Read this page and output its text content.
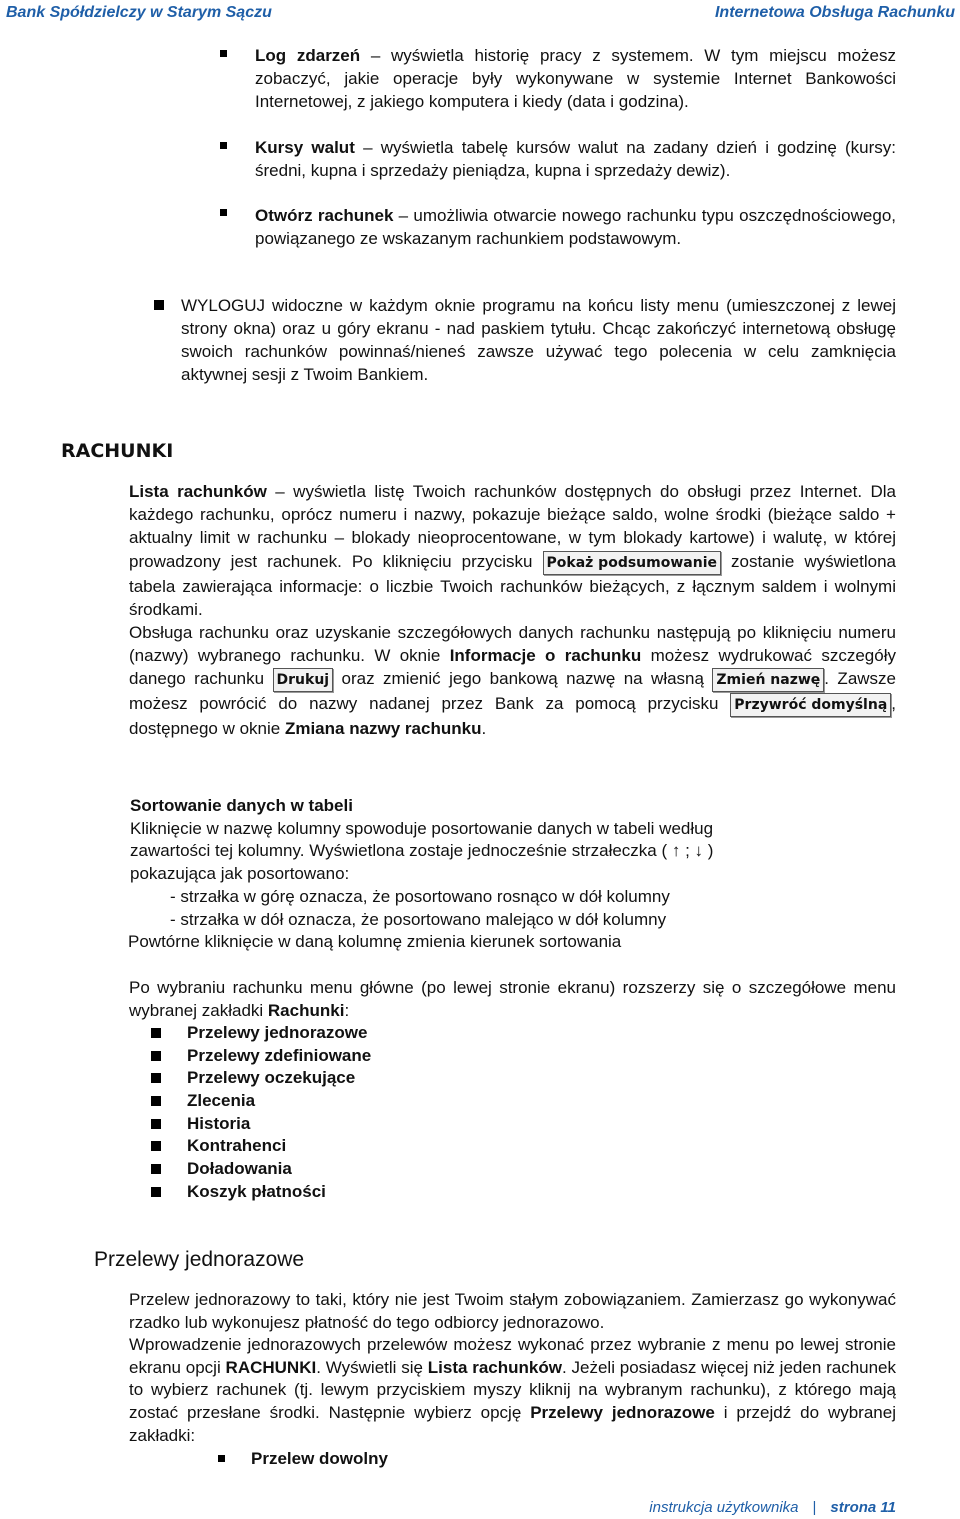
Bank Spółdzielczy w Starym Sączu	Internetowa Obsługa Rachunku
Log zdarzeń – wyświetla historię pracy z systemem. W tym miejscu możesz zobaczyć, jakie operacje były wykonywane w systemie Internet Bankowości Internetowej, z jakiego komputera i kiedy (data i godzina).
Kursy walut – wyświetla tabelę kursów walut na zadany dzień i godzinę (kursy: średni, kupna i sprzedaży pieniądza, kupna i sprzedaży dewiz).
Otwórz rachunek – umożliwia otwarcie nowego rachunku typu oszczędnościowego, powiązanego ze wskazanym rachunkiem podstawowym.
WYLOGUJ widoczne w każdym oknie programu na końcu listy menu (umieszczonej z lewej strony okna) oraz u góry ekranu - nad paskiem tytułu. Chcąc zakończyć internetową obsługę swoich rachunków powinnaś/nieneś zawsze używać tego polecenia w celu zamknięcia aktywnej sesji z Twoim Bankiem.
RACHUNKI
Lista rachunków – wyświetla listę Twoich rachunków dostępnych do obsługi przez Internet. Dla każdego rachunku, oprócz numeru i nazwy, pokazuje bieżące saldo, wolne środki (bieżące saldo + aktualny limit w rachunku – blokady nieoprocentowane, w tym blokady kartowe) i walutę, w której prowadzony jest rachunek. Po kliknięciu przycisku Pokaż podsumowanie zostanie wyświetlona tabela zawierająca informacje: o liczbie Twoich rachunków bieżących, z łącznym saldem i wolnymi środkami.
Obsługa rachunku oraz uzyskanie szczegółowych danych rachunku następują po kliknięciu numeru (nazwy) wybranego rachunku. W oknie Informacje o rachunku możesz wydrukować szczegóły danego rachunku Drukuj oraz zmienić jego bankową nazwę na własną Zmień nazwę . Zawsze możesz powrócić do nazwy nadanej przez Bank za pomocą przycisku Przywróć domyślną , dostępnego w oknie Zmiana nazwy rachunku.
Sortowanie danych w tabeli
Kliknięcie w nazwę kolumny spowoduje posortowanie danych w tabeli według
zawartości tej kolumny. Wyświetlona zostaje jednocześnie strzałeczka ( ↑ ; ↓ )
pokazująca jak posortowano:
- strzałka w górę oznacza, że posortowano rosnąco w dół kolumny
- strzałka w dół oznacza, że posortowano malejąco w dół kolumny
Powtórne kliknięcie w daną kolumnę zmienia kierunek sortowania
Po wybraniu rachunku menu główne (po lewej stronie ekranu) rozszerzy się o szczegółowe menu wybranej zakładki Rachunki:
Przelewy jednorazowe
Przelewy zdefiniowane
Przelewy oczekujące
Zlecenia
Historia
Kontrahenci
Doładowania
Koszyk płatności
Przelewy jednorazowe
Przelew jednorazowy to taki, który nie jest Twoim stałym zobowiązaniem. Zamierzasz go wykonywać rzadko lub wykonujesz płatność do tego odbiorcy jednorazowo.
Wprowadzenie jednorazowych przelewów możesz wykonać przez wybranie z menu po lewej stronie ekranu opcji RACHUNKI. Wyświetli się Lista rachunków. Jeżeli posiadasz więcej niż jeden rachunek to wybierz rachunek (tj. lewym przyciskiem myszy kliknij na wybranym rachunku), z którego mają zostać przesłane środki. Następnie wybierz opcję Przelewy jednorazowe i przejdź do wybranej zakładki:
Przelew dowolny
instrukcja użytkownika | strona 11
